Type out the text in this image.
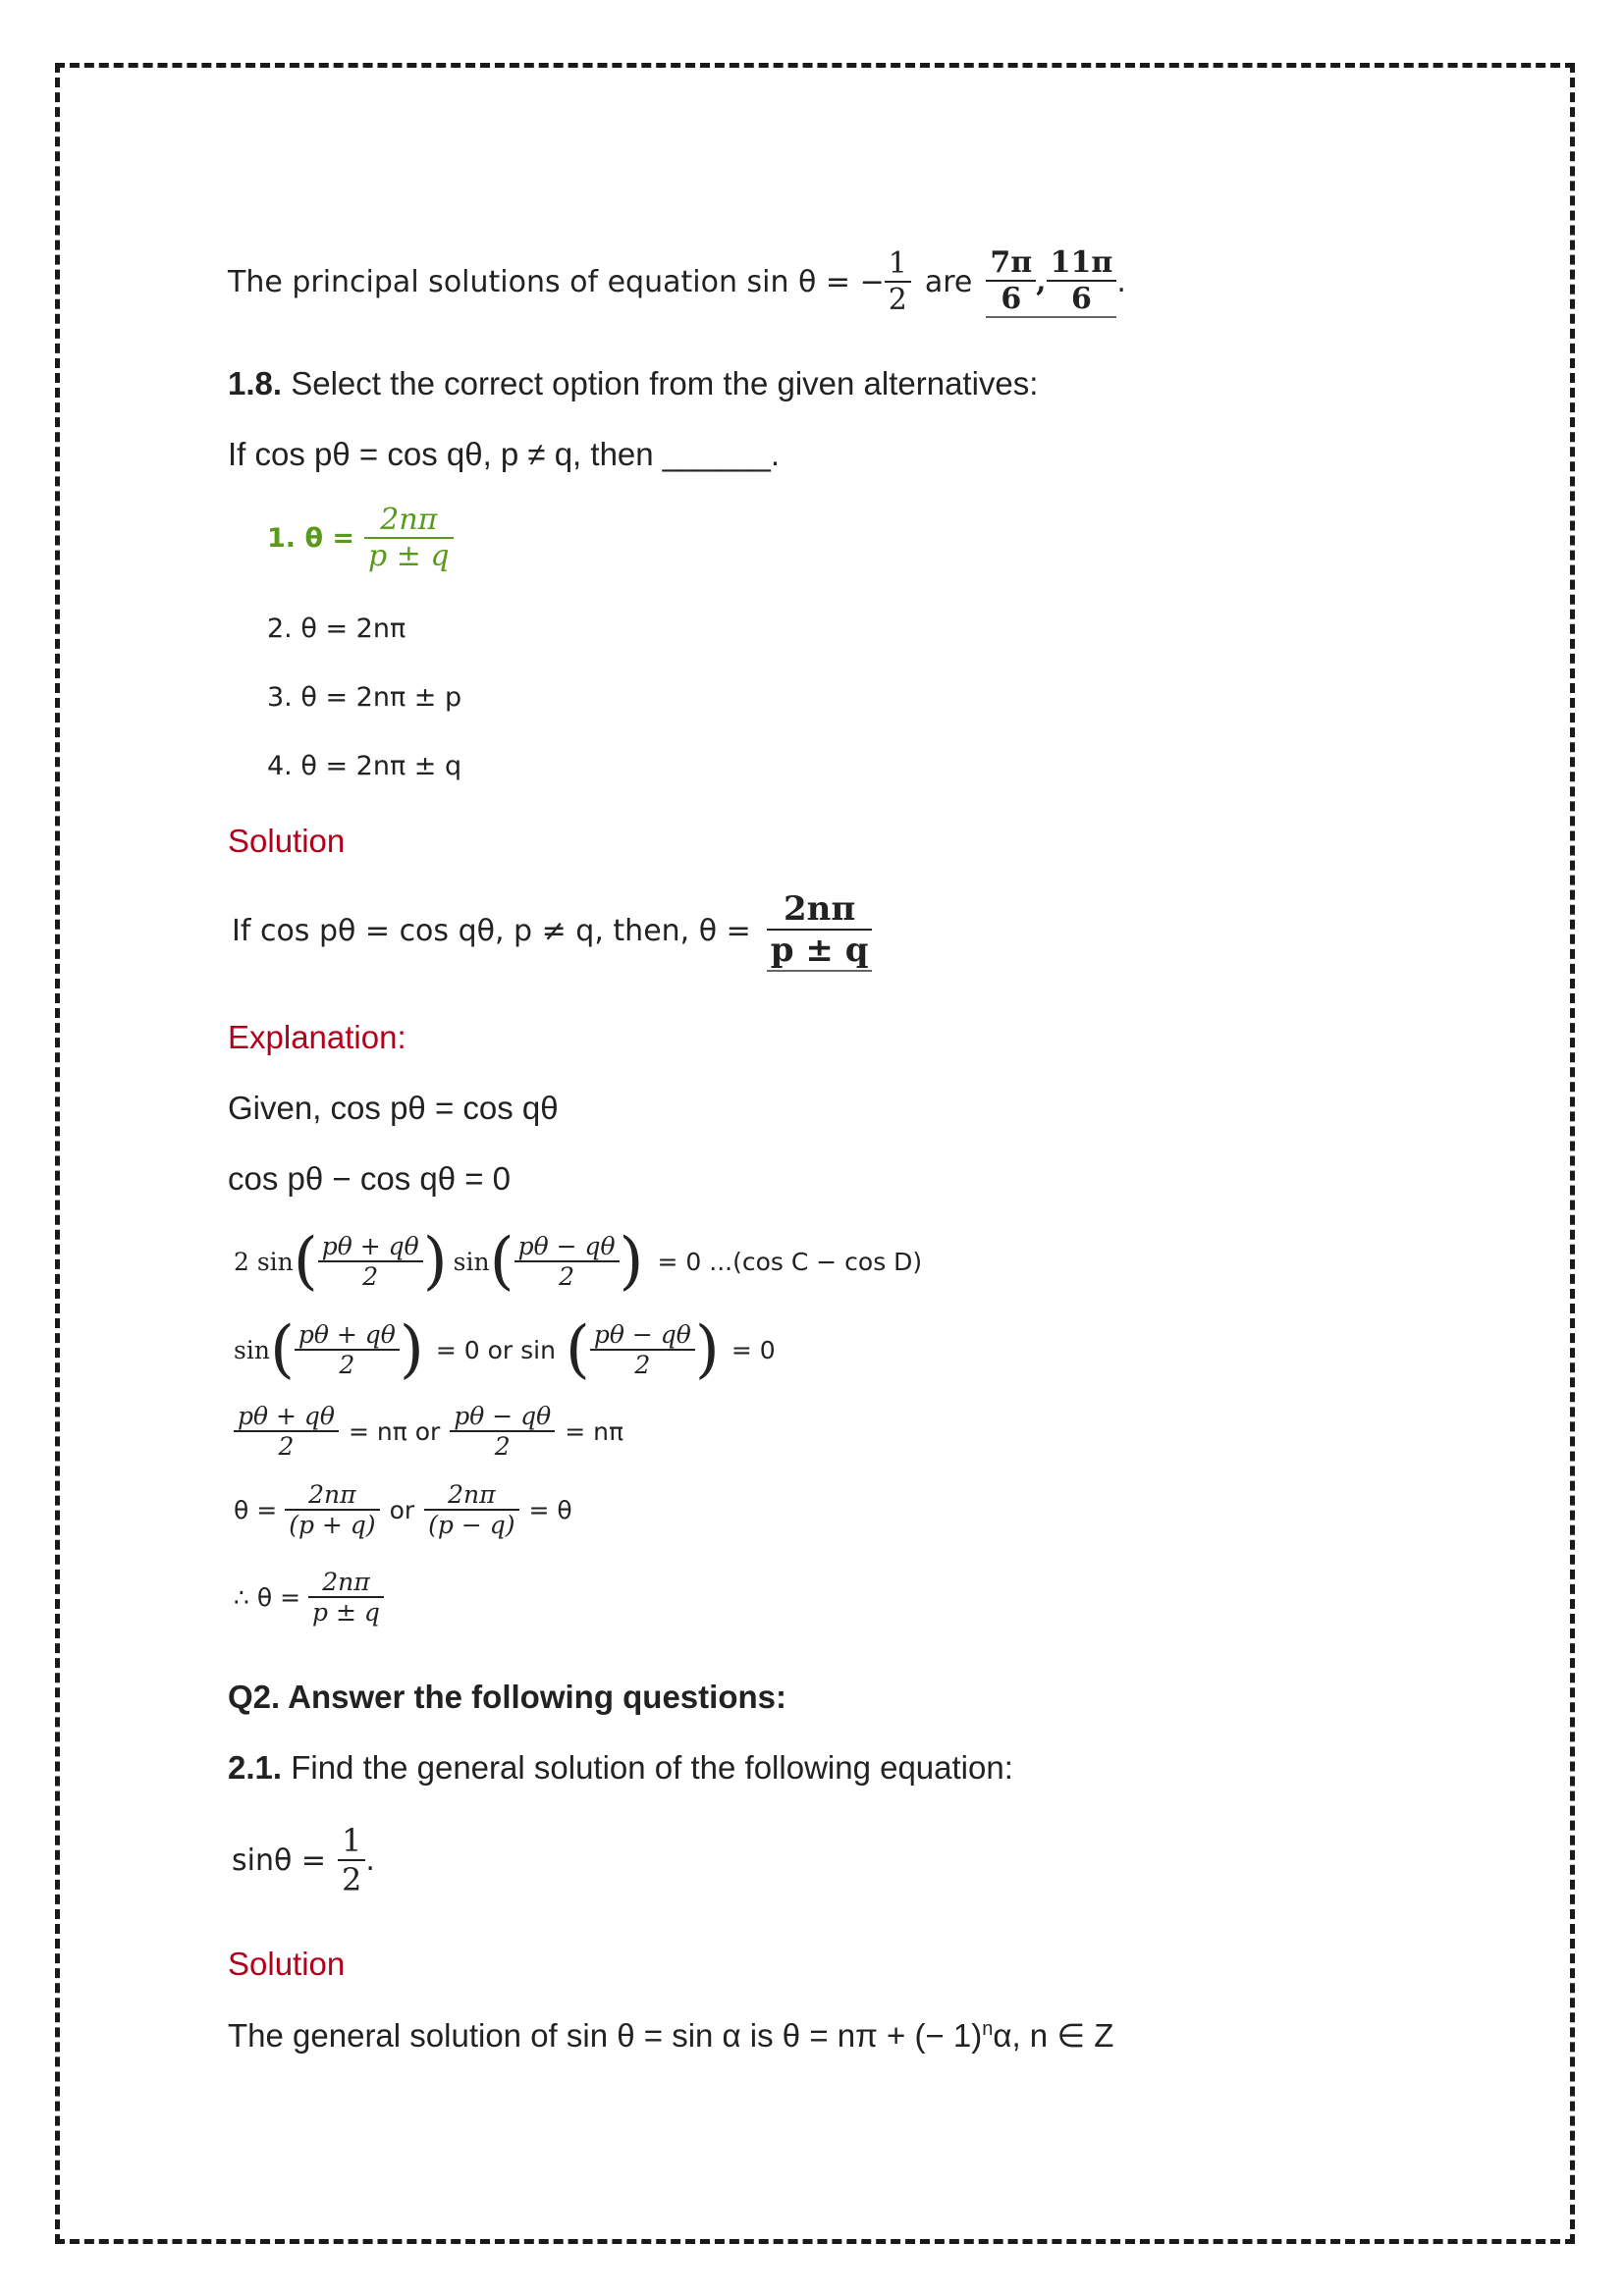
The principal solutions of equation sin θ = − $\frac{1}{2}$ are $\frac{7\pi}{6}$ , $\frac{11\pi}{6}$ .
1.8. Select the correct option from the given alternatives:
If cos pθ = cos qθ, p ≠ q, then ______.
1. $\theta = \frac{2n\pi}{p \pm q}$
2. θ = 2nπ
3. θ = 2nπ ± p
4. θ = 2nπ ± q
Solution
If cos pθ = cos qθ, p ≠ q, then, $\theta = \frac{2n\pi}{p \pm q}$
Explanation:
Given, cos pθ = cos qθ
cos pθ − cos qθ = 0
2 sin ( $\frac{p\theta + q\theta}{2}$ ) sin ( $\frac{p\theta - q\theta}{2}$ ) = 0 ...(cos C − cos D)
sin ( $\frac{p\theta + q\theta}{2}$ ) = 0 or sin ( $\frac{p\theta - q\theta}{2}$ ) = 0
$\frac{p\theta + q\theta}{2} = n\pi$ or $\frac{p\theta - q\theta}{2} = n\pi$
$\theta = \frac{2n\pi}{(p + q)}$ or $\frac{2n\pi}{(p - q)} = \theta$
∴ $\theta = \frac{2n\pi}{p \pm q}$
Q2. Answer the following questions:
2.1. Find the general solution of the following equation:
$\sin\theta = \frac{1}{2}$ .
Solution
The general solution of sin θ = sin α is θ = nπ + (− 1)$^n$α, n ∈ Z
